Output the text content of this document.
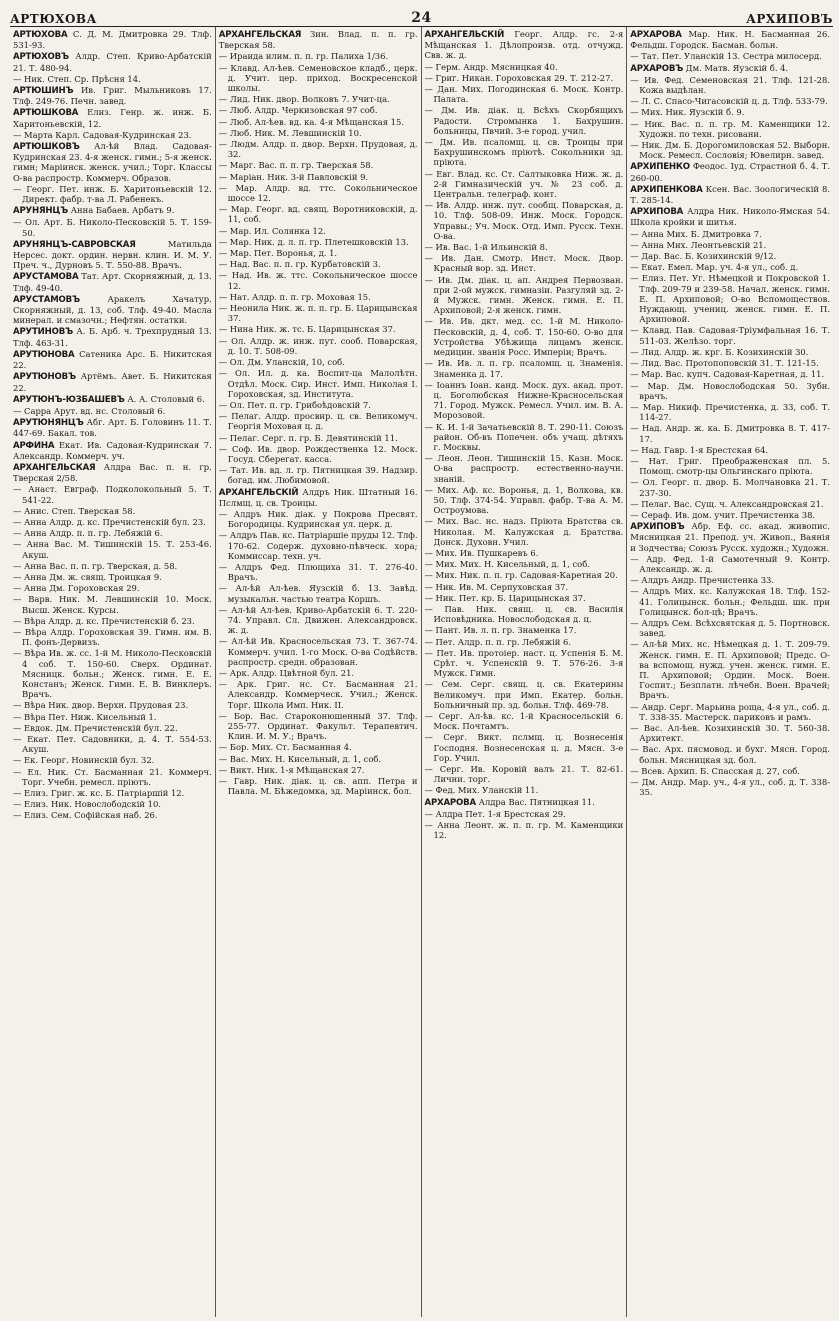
АРТЮХОВА	24	АРХИПОВЪ
АРТЮХОВА С. Д. М. Дмитровка 29. Тлф. 531-93.
АРТЮХОВЪ Алдр. Степ. Криво-Арбатскій 21. Т. 480-94.
— Ник. Степ. Ср. Прѣсня 14.
АРТЮШИНЪ Ив. Григ. Мыльниковъ 17. Тлф. 249-76. Печн. завед.
АРТЮШКОВА Елиз. Генр. ж. инж. Б. Харитоньевскій, 12.
— Марта Карл. Садовая-Кудринская 23.
АРТЮШКОВЪ Ал-ѣй Влад. Садовая-Кудринская 23. 4-я женск. гимн.; 5-я женск. гимн; Маріинск. женск. учил.; Торг. Классы О-ва распростр. Коммерч. Образов.
— Георг. Пет. инж. Б. Харитоньевскій 12. Директ. фабр. т-ва Л. Рабенекъ.
АРУНЯНЦЪ Анна Бабаев. Арбатъ 9.
— Ол. Арт. Б. Николо-Песковскій 5. Т. 159-50.
АРУНЯНЦЪ-САВРОВСКАЯ	Матильда Нерсес. докт. ордин. нервн. клин. И. М. У. Преч. ч., Дурновъ 5. Т. 550-88. Врачъ.
АРУСТАМОВА Тат. Арт. Скорняжный, д. 13. Тлф. 49-40.
АРУСТАМОВЪ	Аракелъ Хачатур. Скорняжный, д. 13, соб. Тлф. 49-40. Масла минерал. и смазочн.; Нефтян. остатки.
АРУТИНОВЪ А. Б. Арб. ч. Трехпрудный 13. Тлф. 463-31.
АРУТЮНОВА Сатеника Арс. Б. Никитская 22.
АРУТЮНОВЪ Артёмъ. Авет. Б. Никитская 22.
АРУТЮНЪ-ЮЗБАШЕВЪ А. А. Столовый 6.
— Сарра Арут. вд. нс. Столовый 6.
АРУТЮНЯНЦЪ Абг. Арт. Б. Головинъ 11. Т. 447-69. Бакал. тов.
АРФИНА Екат. Ив. Садовая-Кудринская 7. Александр. Коммерч. уч.
АРХАНГЕЛЬСКАЯ Алдра Вас. п. н. гр. Тверская 2/58.
— Анаст. Евграф. Подколокольный 5. Т. 541-22.
— Анис. Степ. Тверская 58.
— Анна Алдр. д. кс. Пречистенскій бул. 23.
— Анна Алдр. п. п. гр. Лебяжій 6.
— Анна Вас. М. Тишинскій 15. Т. 253-46. Акуш.
— Анна Вас. п. п. гр. Тверская, д. 58.
— Анна Дм. ж. свящ. Троицкая 9.
— Анна Дм. Гороховская 29.
— Варв. Ник. М. Левшинскій 10. Моск. Высш. Женск. Курсы.
— Вѣра Алдр. д. кс. Пречистенскій б. 23.
— Вѣра Алдр. Гороховская 39. Гимн. им. В. П. фонъ-Дервизъ.
— Вѣра Ив. ж. сс. 1-й М. Николо-Песковскій 4 соб. Т. 150-60. Сверх. Ординат. Мясницк. больн.; Женск. гимн. Е. Е. Констанъ; Женск. Гимн. Е. В. Винклеръ. Врачъ.
— Вѣра Ник. двор. Верхн. Прудовая 23.
— Вѣра Пет. Ниж. Кисельный 1.
— Евдок. Дм. Пречистенскій бул. 22.
— Екат. Пет. Садовники, д. 4. Т. 554-53. Акуш.
— Ек. Георг. Новинскій бул. 32.
— Ел. Ник. Ст. Басманная 21. Коммерч. Торг. Учебн. ремесл. пріютъ.
— Елиз. Григ. ж. кс. Б. Патріаршій 12.
— Елиз. Ник. Новослободскій 10.
— Елиз. Сем. Софійская наб. 26.
АРХАНГЕЛЬСКАЯ Зин. Влад. п. п. гр. Тверская 58.
— Ираида илим. п. п. гр. Палиха 1/36.
— Клавд. Ал-ѣев. Семеновское кладб., церк. д. Учит. цер. приход. Воскресенской школы.
— Лид. Ник. двор. Волковъ 7. Учит-ца.
— Люб. Алдр. Черкизовская 97 соб.
— Люб. Ал-ѣев. вд. ка. 4-я Мѣщанская 15.
— Люб. Ник. М. Левшинскій 10.
— Людм. Алдр. п. двор. Верхн. Прудовая, д. 32.
— Марг. Вас. п. п. гр. Тверская 58.
— Маріан. Ник. 3-й Павловскій 9.
— Мар. Алдр. вд. ттс. Сокольническое шоссе 12.
— Мар. Георг. вд. свящ. Воротниковскій, д. 11, соб.
— Мар. Ил. Солянка 12.
— Мар. Ник. д. л. п. гр. Плетешковскій 13.
— Мар. Пет. Воронья, д. 1.
— Над. Вас. п. п. гр. Курбатовскій 3.
— Над. Ив. ж. ттс. Сокольническое шоссе 12.
— Нат. Алдр. п. п. гр. Моховая 15.
— Неонила Ник. ж. п. п. гр. Б. Царицынская 37.
— Нина Ник. ж. тс. Б. Царицынская 37.
— Ол. Алдр. ж. инж. пут. сооб. Поварская, д. 10. Т. 508-09.
— Ол. Дм. Уланскій, 10, соб.
— Ол. Ил. д. ка. Воспит-ца Малолѣтн. Отдѣл. Моск. Сир. Инст. Имп. Николая I. Гороховская, зд. Института.
— Ол. Пет. п. гр. Грибоѣдовскій 7.
— Пелаг. Алдр. просвир. ц. св. Великомуч. Георгія Моховая ц. д.
— Пелаг. Серг. п. гр. Б. Девятинскій 11.
— Соф. Ив. двор. Рождественка 12. Моск. Госуд. Сберегат. касса.
— Тат. Ив. вд. л. гр. Пятницкая 39. Надзир. богад. им. Любимовой.
АРХАНГЕЛЬСКІЙ Алдръ Ник. Штатный 16. Пслмщ. ц. св. Троицы.
— Алдръ Ник. діак. у Покрова Пресвят. Богородицы. Кудринская ул. церк. д.
— Алдръ Пав. кс. Патріаршіе пруды 12. Тлф. 170-62. Содерж. духовно-пѣвческ. хора; Коммиссар. техн. уч.
— Алдръ Фед. Плющиха 31. Т. 276-40. Врачъ.
— Ал-ѣй Ал-ѣев. Яузскій б. 13. Завѣд. музыкальн. частью театра Коршъ.
— Ал-ѣй Ал-ѣев. Криво-Арбатскій 6. Т. 220-74. Управл. Сл. Движен. Александровск. ж. д.
— Ал-ѣй Ив. Красносельская 73. Т. 367-74. Коммерч. учил. 1-го Моск. О-ва Содѣйств. распростр. средн. образован.
— Арк. Алдр. Цвѣтной бул. 21.
— Арк. Григ. нс. Ст. Басманная 21. Александр. Коммерческ. Учил.; Женск. Торг. Школа Имп. Ник. II.
— Бор. Вас. Староконюшенный 37. Тлф. 255-77. Ординат. Факульт. Терапевтич. Клин. И. М. У.; Врачъ.
— Бор. Мих. Ст. Басманная 4.
— Вас. Мих. Н. Кисельный, д. 1, соб.
— Викт. Ник. 1-я Мѣщанская 27.
— Гавр. Ник. діак. ц. св. апп. Петра и Павла. М. Бѣжедомка, зд. Маріинск. бол.
АРХАНГЕЛЬСКІЙ Георг. Алдр. гс. 2-я Мѣщанская 1. Дѣлопроизв. отд. отчужд. Свв. ж. д.
— Герм. Андр. Мясницкая 40.
— Григ. Никан. Гороховская 29. Т. 212-27.
— Дан. Мих. Погодинская 6. Моск. Контр. Палата.
— Дм. Ив. діак. ц. Всѣхъ Скорбящихъ Радости. Стромынка 1. Бахрушин. больницы, Пвчий. 3-е город. учил.
— Дм. Ив. псаломщ. ц. св. Троицы при Бахрушинскомъ пріютѣ. Сокольники зд. пріюта.
— Евг. Влад. кс. Ст. Салтыковка Ниж. ж. д. 2-й Гимназическій уч. № 23 соб. д. Центральн. телеграф. конт.
— Ив. Алдр. инж. пут. сообщ. Поварская, д. 10. Тлф. 508-09. Инж. Моск. Городск. Управы.; Уч. Моск. Отд. Имп. Русск. Техн. О-ва.
— Ив. Вас. 1-й Ильинскій 8.
— Ив. Дан. Смотр. Инст. Моск. Двор. Красный вор. зд. Инст.
— Ив. Дм. діак. ц. ап. Андрея Первозван. при 2-ой мужск. гимназіи. Разгуляй зд. 2-й Мужск. гимн. Женск. гимн. Е. П. Архиповой; 2-я женск. гимн.
— Ив. Ив. дкт. мед. сс. 1-й М. Николо-Песковскій, д. 4, соб. Т. 150-60. О-во для Устройства Убѣжища лицамъ женск. медицин. званія Росс. Имперіи; Врачъ.
— Ив. Ив. л. п. гр. псаломщ. ц. Знаменія. Знаменка д. 17.
— Іоаннъ Іоан. канд. Моск. дух. акад. прот. ц. Боголюбская Нижне-Красносельская 71. Город. Мужск. Ремесл. Учил. им. В. А. Морозовой.
— К. И. 1-й Зачатьевскій 8. Т. 290-11. Союзъ район. Об-въ Попечен. объ учащ. дѣтяхъ г. Москвы.
— Леон. Леон. Тишинскій 15. Казн. Моск. О-ва распростр. естественно-научн. знаній.
— Мих. Аф. кс. Воронья, д. 1, Волкова, кв. 50. Тлф. 374-54. Управл. фабр. Т-ва А. М. Остроумова.
— Мих. Вас. нс. надз. Пріюта Братства св. Николая. М. Калужская д. Братства. Донск. Духовн. Учил.
— Мих. Ив. Пушкаревъ 6.
— Мих. Мих. Н. Кисельный, д. 1, соб.
— Мих. Ник. п. п. гр. Садовая-Каретная 20.
— Ник. Ив. М. Серпуховская 37.
— Ник. Пет. кр. Б. Царицынская 37.
— Пав. Ник. свящ. ц. св. Василія Исповѣдника. Новослободская д. ц.
— Пант. Ив. л. п. гр. Знаменка 17.
— Пет. Алдр. п. п. гр. Лебяжій 6.
— Пет. Ив. протоіер. наст. ц. Успенія Б. М. Срѣт. ч. Успенскій 9. Т. 576-26. 3-я Мужск. Гимн.
— Сем. Серг. свящ. ц. св. Екатерины Великомуч. при Имп. Екатер. больн. Больничный пр. зд. больн. Тлф. 469-78.
— Серг. Ал-ѣв. кс. 1-й Красносельскій 6. Моск. Почтамтъ.
— Серг. Викт. пслмщ. ц. Вознесенія Господня. Вознесенская ц. д. Мясн. 3-е Гор. Учил.
— Серг. Ив. Коровій валъ 21. Т. 82-61. Лични. торг.
— Фед. Мих. Уланскій 11.
АРХАРОВА Алдра Вас. Пятницкая 11.
— Алдра Пет. 1-я Брестская 29.
— Анна Леонт. ж. п. п. гр. М. Каменщики 12.
АРХАРОВА Мар. Ник. Н. Басманная 26. Фельдш. Городск. Басман. больн.
— Тат. Пет. Уланскій 13. Сестра милосерд.
АРХАРОВЪ Дм. Матв. Яузскій б. 4.
— Ив. Фед. Семеновская 21. Тлф. 121-28. Кожа выдѣлан.
— Л. С. Спасо-Чигасовскій ц. д. Тлф. 533-79.
— Мих. Ник. Яузскій б. 9.
— Ник. Вас. п. п. гр. М. Каменщики 12. Художн. по техн. рисовани.
— Ник. Дм. Б. Дорогомиловская 52. Выборн. Моск. Ремесл. Сословія; Ювелирн. завед.
АРХИПЕНКО Феодос. Іуд. Страстной б. 4. Т. 260-00.
АРХИПЕНКОВА Ксен. Вас. Зоологическій 8. Т. 285-14.
АРХИПОВА Алдра Ник. Николо-Ямская 54. Школа кройки и шитья.
— Анна Мих. Б. Дмитровка 7.
— Анна Мих. Леонтьевскій 21.
— Дар. Вас. Б. Козихинскій 9/12.
— Екат. Емел. Мар. уч. 4-я ул., соб. д.
— Елиз. Пет. Уг. Нѣмецкой и Покровской 1. Тлф. 209-79 и 239-58. Начал. женск. гимн. Е. П. Архиповой; О-во Вспомоществов. Нуждающ. учениц. женск. гимн. Е. П. Архиповой.
— Клавд. Пав. Садовая-Тріумфальная 16. Т. 511-03. Желѣзо. торг.
— Лид. Алдр. ж. крг. Б. Козихинскій 30.
— Лид. Вас. Протопоповскій 31. Т. 121-15.
— Мар. Вас. купч. Садовая-Каретная, д. 11.
— Мар. Дм. Новослободская 50. Зубн. врачъ.
— Мар. Никиф. Пречистенка, д. 33, соб. Т. 114-27.
— Над. Андр. ж. ка. Б. Дмитровка 8. Т. 417-17.
— Над. Гавр. 1-я Брестская 64.
— Нат. Григ. Преображенская пл. 5. Помощ. смотр-цы Ольгинскаго пріюта.
— Ол. Георг. п. двор. Б. Молчановка 21. Т. 237-30.
— Пелаг. Вас. Сущ. ч. Александровская 21.
— Сераф. Ив. дом. учит. Пречистенка 38.
АРХИПОВЪ Абр. Еф. сс. акад. живопис. Мясницкая 21. Препод. уч. Живоп., Ваянія и Зодчества; Союзъ Русск. художн.; Художн.
— Адр. Фед. 1-й Самотечный 9. Контр. Александр. ж. д.
— Алдръ Андр. Пречистенка 33.
— Алдръ Мих. кс. Калужская 18. Тлф. 152-41. Голицынск. больн.; Фельдш. шк. при Голицынск. бол-цѣ; Врачъ.
— Алдръ Сем. Всѣхсвятская д. 5. Портновск. завед.
— Ал-ѣй Мих. нс. Нѣмецкая д. 1. Т. 209-79. Женск. гимн. Е. П. Архиповой; Предс. О-ва вспомощ. нужд. учен. женск. гимн. Е. П. Архиповой; Ордин. Моск. Воен. Госпит.; Безплатн. лѣчебн. Воен. Врачей; Врачъ.
— Андр. Серг. Марьина роща, 4-я ул., соб. д. Т. 338-35. Мастерск. париковъ и рамъ.
— Вас. Ал-ѣев. Козихинскій 30. Т. 560-38. Архитект.
— Вас. Арх. пясмовод. и бухг. Мясн. Город. больн. Мясницкая зд. бол.
— Всев. Архип. Б. Спасская д. 27, соб.
— Дм. Андр. Мар. уч., 4-я ул., соб. д. Т. 338-35.
